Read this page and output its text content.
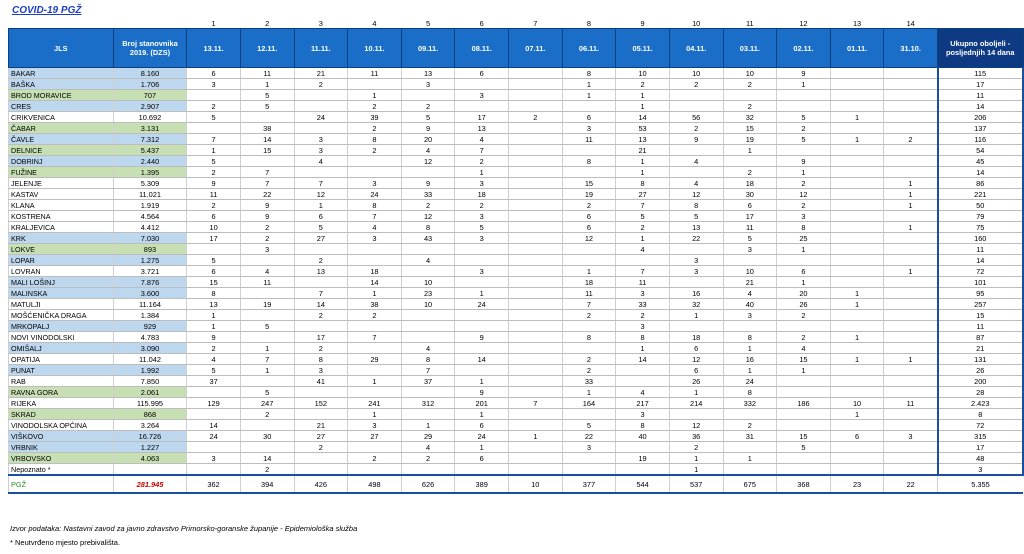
COVID-19 PGŽ
		1	2	3	4	5	6	7	8	9	10	11	12	13	14	
JLS	Broj stanovnika 2019. (DZS)	13.11.	12.11.	11.11.	10.11.	09.11.	08.11.	07.11.	06.11.	05.11.	04.11.	03.11.	02.11.	01.11.	31.10.	Ukupno oboljeli - posljednjih 14 dana
BAKAR	8.160	6	11	21	11	13	6		8	10	10	10	9			115
BAŠKA	1.706	3	1	2		3			1	2	2	2	1			17
BROD MORAVICE	707		5		1		3		1	1						11
CRES	2.907	2	5		2	2				1		2				14
CRIKVENICA	10.692	5		24	39	5	17	2	6	14	56	32	5	1		206
ČABAR	3.131		38		2	9	13		3	53	2	15	2			137
ČAVLE	7.312	7	14	3	8	20	4		11	13	9	19	5	1	2	116
DELNICE	5.437	1	15	3	2	4	7			21		1				54
DOBRINJ	2.440	5		4		12	2		8	1	4		9			45
FUŽINE	1.395	2	7				1			1		2	1			14
JELENJE	5.309	9	7	7	3	9	3		15	8	4	18	2		1	86
KASTAV	11.021	11	22	12	24	33	18		19	27	12	30	12		1	221
KLANA	1.919	2	9	1	8	2	2		2	7	8	6	2		1	50
KOSTRENA	4.564	6	9	6	7	12	3		6	5	5	17	3			79
KRALJEVICA	4.412	10	2	5	4	8	5		6	2	13	11	8		1	75
KRK	7.030	17	2	27	3	43	3		12	1	22	5	25			160
LOKVE	893		3							4		3	1			11
LOPAR	1.275	5		2		4					3					14
LOVRAN	3.721	6	4	13	18		3		1	7	3	10	6		1	72
MALI LOŠINJ	7.876	15	11		14	10			18	11		21	1			101
MALINSKA	3.600	8		7	1	23	1		11	3	16	4	20	1		95
MATULJI	11.164	13	19	14	38	10	24		7	33	32	40	26	1		257
MOŠĆENIČKA DRAGA	1.384	1		2	2				2	2	1	3	2			15
MRKOPALJ	929	1	5							3						11
NOVI VINODOLSKI	4.783	9		17	7		9		8	8	18	8	2	1		87
OMIŠALJ	3.090	2	1	2		4				1	6	1	4			21
OPATIJA	11.042	4	7	8	29	8	14		2	14	12	16	15	1	1	131
PUNAT	1.992	5	1	3		7			2		6	1	1			26
RAB	7.850	37		41	1	37	1		33		26	24				200
RAVNA GORA	2.061		5				9		1	4	1	8				28
RIJEKA	115.995	129	247	152	241	312	201	7	164	217	214	332	186	10	11	2.423
SKRAD	868		2		1		1			3				1		8
VINODOLSKA OPĆINA	3.264	14		21	3	1	6		5	8	12	2				72
VIŠKOVO	16.726	24	30	27	27	29	24	1	22	40	36	31	15	6	3	315
VRBNIK	1.227			2		4	1		3		2		5			17
VRBOVSKO	4.063	3	14		2	2	6			19	1	1				48
Nepoznato *			2								1					3
PGŽ	281.945	362	394	426	498	626	389	10	377	544	537	675	368	23	22	5.355
Izvor podataka: Nastavni zavod za javno zdravstvo Primorsko-goranske županije - Epidemiološka služba
* Neutvrđeno mjesto prebivališta.
